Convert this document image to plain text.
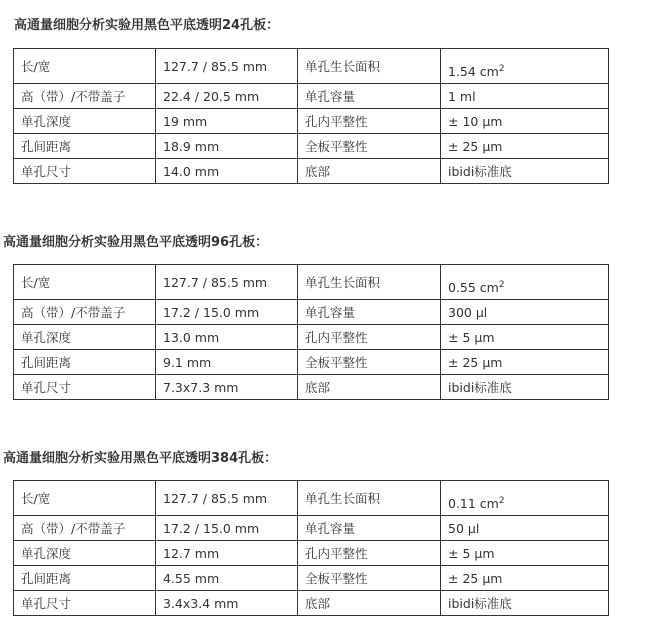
高通量细胞分析实验用黑色平底透明24孔板：
长/宽	127.7 / 85.5 mm	单孔生长面积	1.54 $cm^2$
高（带）/不带盖子	22.4 / 20.5 mm	单孔容量	1 ml
单孔深度	19 mm	孔内平整性	± 10 µm
孔间距离	18.9 mm	全板平整性	± 25 µm
单孔尺寸	14.0 mm	底部	ibidi标准底
高通量细胞分析实验用黑色平底透明96孔板：
长/宽	127.7 / 85.5 mm	单孔生长面积	0.55 $cm^2$
高（带）/不带盖子	17.2 / 15.0 mm	单孔容量	300 µl
单孔深度	13.0 mm	孔内平整性	± 5 µm
孔间距离	9.1 mm	全板平整性	± 25 µm
单孔尺寸	7.3x7.3 mm	底部	ibidi标准底
高通量细胞分析实验用黑色平底透明384孔板：
长/宽	127.7 / 85.5 mm	单孔生长面积	0.11 $cm^2$
高（带）/不带盖子	17.2 / 15.0 mm	单孔容量	50 µl
单孔深度	12.7 mm	孔内平整性	± 5 µm
孔间距离	4.55 mm	全板平整性	± 25 µm
单孔尺寸	3.4x3.4 mm	底部	ibidi标准底
